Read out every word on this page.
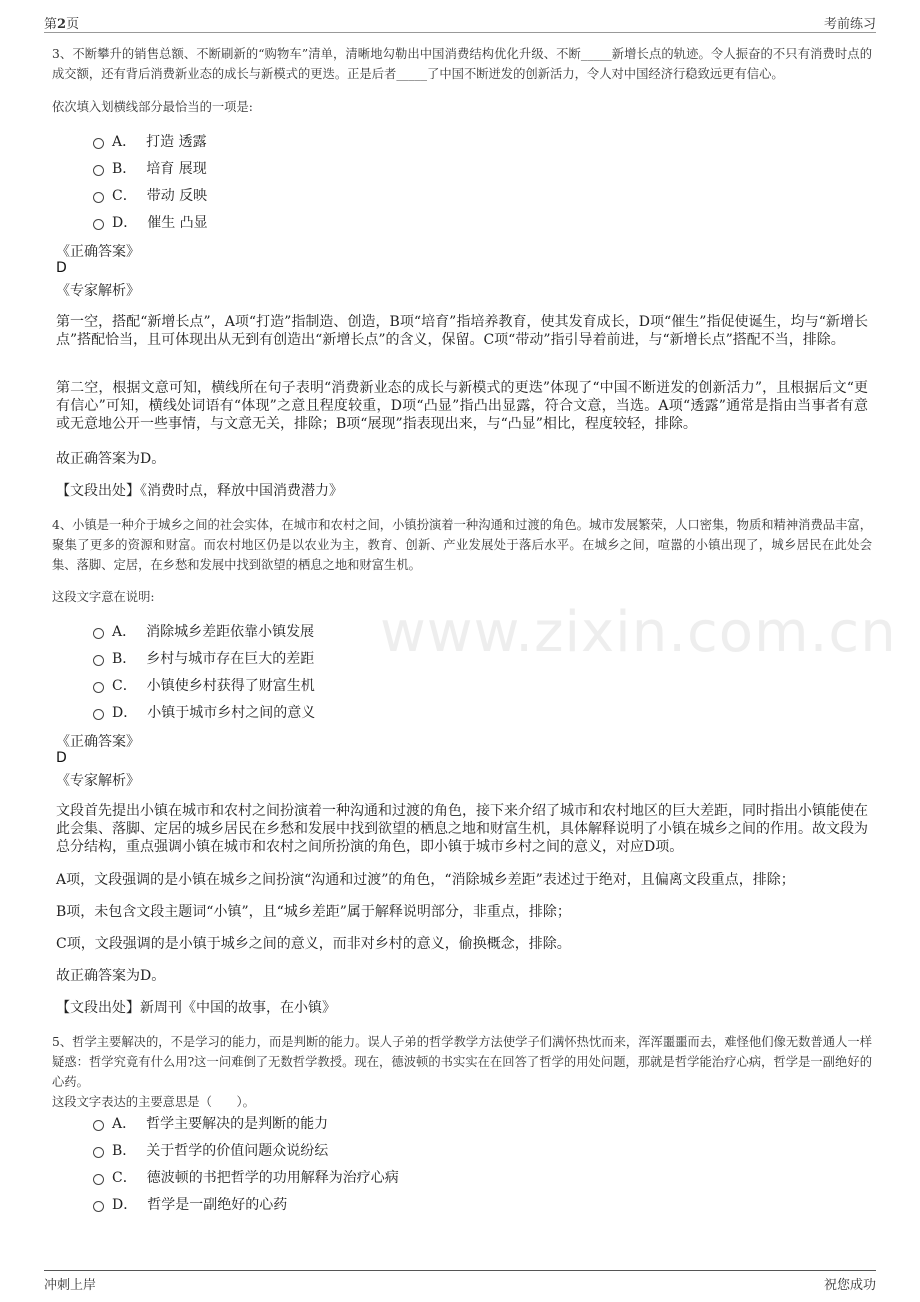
第2页	考前练习
www.zixin.com.cn
3、不断攀升的销售总额、不断刷新的“购物车”清单，清晰地勾勒出中国消费结构优化升级、不断_____新增长点的轨迹。令人振奋的不只有消费时点的成交额，还有背后消费新业态的成长与新模式的更迭。正是后者_____了中国不断迸发的创新活力，令人对中国经济行稳致远更有信心。
依次填入划横线部分最恰当的一项是:
A． 打造 透露
B． 培育 展现
C． 带动 反映
D． 催生 凸显
《正确答案》
D
《专家解析》
第一空，搭配“新增长点”，A项“打造”指制造、创造，B项“培育”指培养教育，使其发育成长，D项“催生”指促使诞生，均与“新增长点”搭配恰当，且可体现出从无到有创造出“新增长点”的含义，保留。C项“带动”指引导着前进，与“新增长点”搭配不当，排除。
第二空，根据文意可知，横线所在句子表明“消费新业态的成长与新模式的更迭”体现了“中国不断迸发的创新活力”，且根据后文“更有信心”可知，横线处词语有“体现”之意且程度较重，D项“凸显”指凸出显露，符合文意，当选。A项“透露”通常是指由当事者有意或无意地公开一些事情，与文意无关，排除；B项“展现”指表现出来，与“凸显”相比，程度较轻，排除。
故正确答案为D。
【文段出处】《消费时点，释放中国消费潜力》
4、小镇是一种介于城乡之间的社会实体，在城市和农村之间，小镇扮演着一种沟通和过渡的角色。城市发展繁荣，人口密集，物质和精神消费品丰富，聚集了更多的资源和财富。而农村地区仍是以农业为主，教育、创新、产业发展处于落后水平。在城乡之间，喧嚣的小镇出现了，城乡居民在此处会集、落脚、定居，在乡愁和发展中找到欲望的栖息之地和财富生机。
这段文字意在说明:
A． 消除城乡差距依靠小镇发展
B． 乡村与城市存在巨大的差距
C． 小镇使乡村获得了财富生机
D． 小镇于城市乡村之间的意义
《正确答案》
D
《专家解析》
文段首先提出小镇在城市和农村之间扮演着一种沟通和过渡的角色，接下来介绍了城市和农村地区的巨大差距，同时指出小镇能使在此会集、落脚、定居的城乡居民在乡愁和发展中找到欲望的栖息之地和财富生机，具体解释说明了小镇在城乡之间的作用。故文段为总分结构，重点强调小镇在城市和农村之间所扮演的角色，即小镇于城市乡村之间的意义，对应D项。
A项，文段强调的是小镇在城乡之间扮演“沟通和过渡”的角色，“消除城乡差距”表述过于绝对，且偏离文段重点，排除；
B项，未包含文段主题词“小镇”，且“城乡差距”属于解释说明部分，非重点，排除；
C项，文段强调的是小镇于城乡之间的意义，而非对乡村的意义，偷换概念，排除。
故正确答案为D。
【文段出处】新周刊《中国的故事，在小镇》
5、哲学主要解决的，不是学习的能力，而是判断的能力。误人子弟的哲学教学方法使学子们满怀热忱而来，浑浑噩噩而去，难怪他们像无数普通人一样疑惑：哲学究竟有什么用?这一问难倒了无数哲学教授。现在，德波顿的书实实在在回答了哲学的用处问题，那就是哲学能治疗心病，哲学是一副绝好的心药。
这段文字表达的主要意思是（　　）。
A． 哲学主要解决的是判断的能力
B． 关于哲学的价值问题众说纷纭
C． 德波顿的书把哲学的功用解释为治疗心病
D． 哲学是一副绝好的心药
冲刺上岸	祝您成功
